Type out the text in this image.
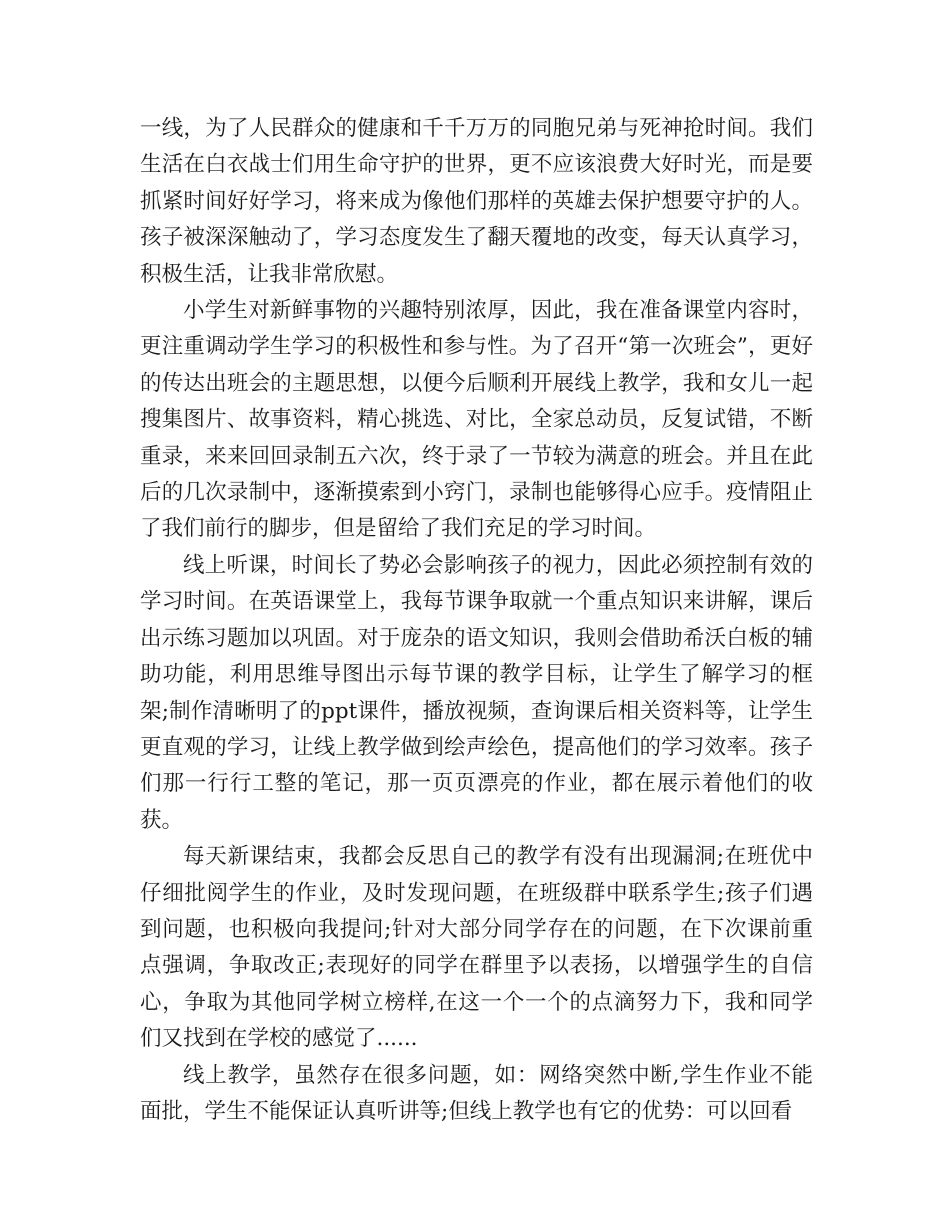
一线，为了人民群众的健康和千千万万的同胞兄弟与死神抢时间。我们生活在白衣战士们用生命守护的世界，更不应该浪费大好时光，而是要抓紧时间好好学习，将来成为像他们那样的英雄去保护想要守护的人。孩子被深深触动了，学习态度发生了翻天覆地的改变，每天认真学习，积极生活，让我非常欣慰。

小学生对新鲜事物的兴趣特别浓厚，因此，我在准备课堂内容时，更注重调动学生学习的积极性和参与性。为了召开“第一次班会”，更好的传达出班会的主题思想，以便今后顺利开展线上教学，我和女儿一起搜集图片、故事资料，精心挑选、对比，全家总动员，反复试错，不断重录，来来回回录制五六次，终于录了一节较为满意的班会。并且在此后的几次录制中，逐渐摸索到小窍门，录制也能够得心应手。疫情阻止了我们前行的脚步，但是留给了我们充足的学习时间。

线上听课，时间长了势必会影响孩子的视力，因此必须控制有效的学习时间。在英语课堂上，我每节课争取就一个重点知识来讲解，课后出示练习题加以巩固。对于庞杂的语文知识，我则会借助希沃白板的辅助功能，利用思维导图出示每节课的教学目标，让学生了解学习的框架;制作清晰明了的ppt课件，播放视频，查询课后相关资料等，让学生更直观的学习，让线上教学做到绘声绘色，提高他们的学习效率。孩子们那一行行工整的笔记，那一页页漂亮的作业，都在展示着他们的收获。

每天新课结束，我都会反思自己的教学有没有出现漏洞;在班优中仔细批阅学生的作业，及时发现问题，在班级群中联系学生;孩子们遇到问题，也积极向我提问;针对大部分同学存在的问题，在下次课前重点强调，争取改正;表现好的同学在群里予以表扬，以增强学生的自信心，争取为其他同学树立榜样,在这一个一个的点滴努力下，我和同学们又找到在学校的感觉了......

线上教学，虽然存在很多问题，如：网络突然中断,学生作业不能面批，学生不能保证认真听讲等;但线上教学也有它的优势：可以回看
